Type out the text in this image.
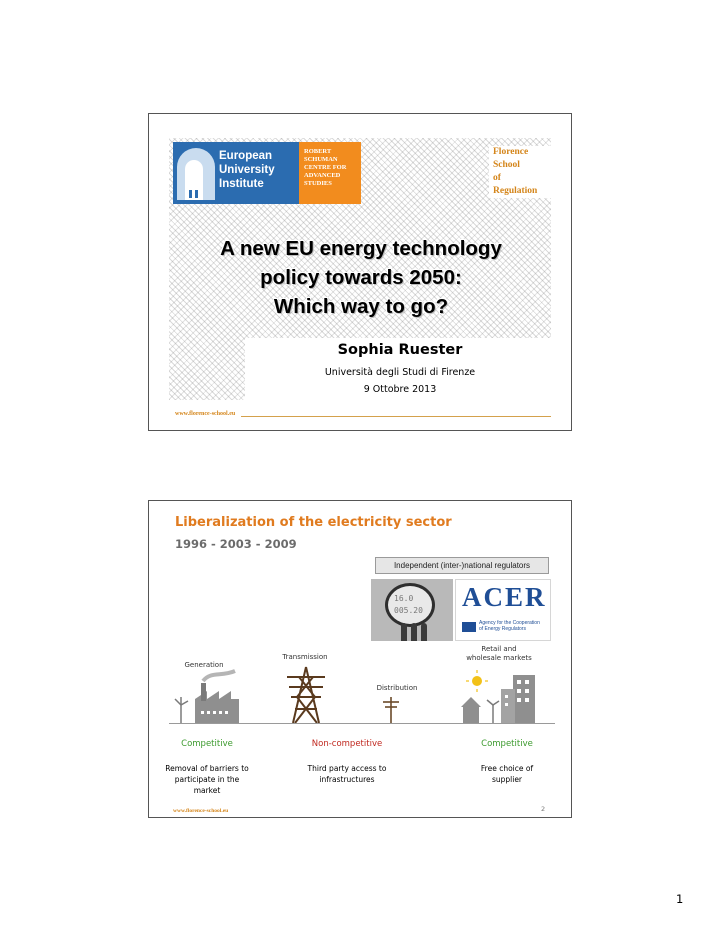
European
University
Institute
ROBERT
SCHUMAN
CENTRE FOR
ADVANCED
STUDIES
Florence
School
of
Regulation
A new EU energy technology
policy towards 2050:
Which way to go?
Sophia Ruester
Università degli Studi di Firenze
9 Ottobre 2013
www.florence-school.eu
Liberalization of the electricity sector
1996 - 2003 - 2009
Independent (inter-)national regulators
16.0
005.20 ACER
Agency for the Cooperation
of Energy Regulators
Generation
Transmission
Distribution
Retail and
wholesale markets
Competitive	Non-competitive	Competitive
Removal of barriers to
participate in the
market
Third party access to
infrastructures
Free choice of
supplier
www.florence-school.eu	2
1
